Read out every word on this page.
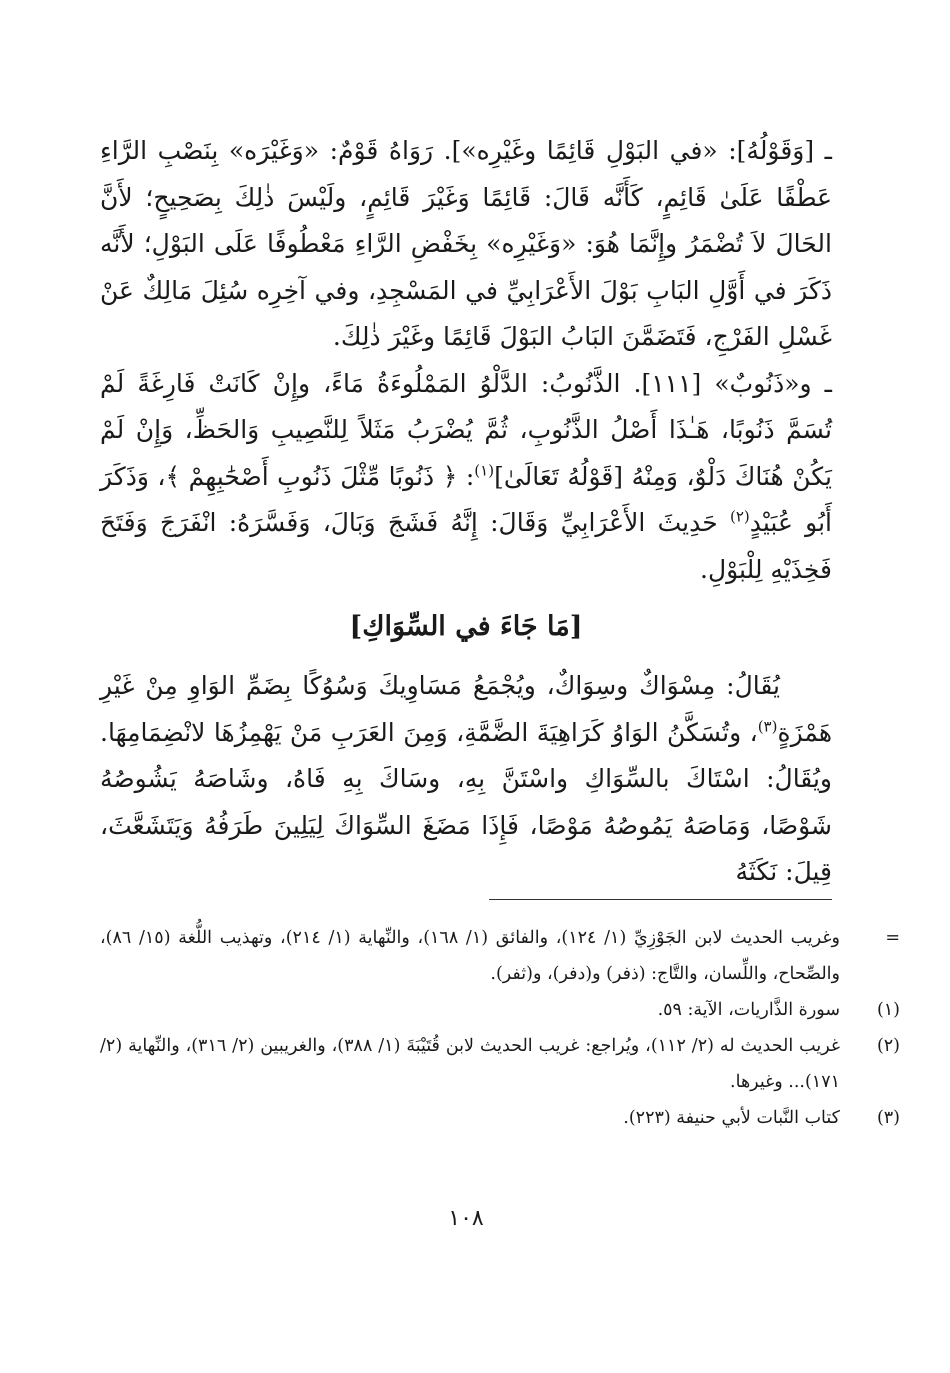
ـ [وَقَوْلُهُ]: «في البَوْلِ قَائِمًا وغَيْرِه»]. رَوَاهُ قَوْمٌ: «وَغَيْرَه» بِنَصْبِ الرَّاءِ عَطْفًا عَلَىٰ قَائِمٍ، كَأَنَّه قَالَ: قَائِمًا وَغَيْرَ قَائِمٍ، ولَيْسَ ذٰلِكَ بِصَحِيحٍ؛ لأَنَّ الحَالَ لاَ تُضْمَرُ وإِنَّمَا هُوَ: «وَغَيْرِه» بِخَفْضِ الرَّاءِ مَعْطُوفًا عَلَى البَوْلِ؛ لأَنَّه ذَكَرَ في أَوَّلِ البَابِ بَوْلَ الأَعْرَابِيِّ في المَسْجِدِ، وفي آخِرِه سُئِلَ مَالِكٌ عَنْ غَسْلِ الفَرْجِ، فَتَضَمَّنَ البَابُ البَوْلَ قَائِمًا وغَيْرَ ذٰلِكَ.

ـ و«ذَنُوبٌ» [١١١]. الذَّنُوبُ: الدَّلْوُ المَمْلُوءَةُ مَاءً، وإِنْ كَانَتْ فَارِغَةً لَمْ تُسَمَّ ذَنُوبًا، هَـٰذَا أَصْلُ الذَّنُوبِ، ثُمَّ يُضْرَبُ مَثَلاً لِلنَّصِيبِ وَالحَظِّ، وَإِنْ لَمْ يَكُنْ هُنَاكَ دَلْوٌ، وَمِنْهُ [قَوْلُهُ تَعَالَىٰ]$^{(١)}$: ﴿ ذَنُوبًا مِّثْلَ ذَنُوبِ أَصْحَٰبِهِمْ ﴾، وَذَكَرَ أَبُو عُبَيْدٍ$^{(٢)}$ حَدِيثَ الأَعْرَابِيِّ وَقَالَ: إِنَّهُ فَشَجَ وَبَالَ، وَفَسَّرَهُ: انْفَرَجَ وَفَتَحَ فَخِذَيْهِ لِلْبَوْلِ.

[مَا جَاءَ في السِّوَاكِ]

يُقَالُ: مِسْوَاكٌ وسِوَاكٌ، ويُجْمَعُ مَسَاوِيكَ وَسُوُكًا بِضَمِّ الوَاوِ مِنْ غَيْرِ هَمْزَةٍ$^{(٣)}$، وتُسَكَّنُ الوَاوُ كَرَاهِيَةَ الضَّمَّةِ، وَمِنَ العَرَبِ مَنْ يَهْمِزُهَا لانْضِمَامِهَا. ويُقَالُ: اسْتَاكَ بالسِّوَاكِ واسْتَنَّ بِهِ، وسَاكَ بِهِ فَاهُ، وشَاصَهُ يَشُوصُهُ شَوْصًا، وَمَاصَهُ يَمُوصُهُ مَوْصًا، فَإِذَا مَضَغَ السِّوَاكَ لِيَلِينَ طَرَفُهُ وَيَتَشَعَّثَ، قِيلَ: نَكَثَهُ

=
وغريب الحديث لابن الجَوْزِيِّ (١/ ١٢٤)، والفائق (١/ ١٦٨)، والنِّهاية (١/ ٢١٤)، وتهذيب اللُّغة (١٥/ ٨٦)، والصِّحاح، واللِّسان، والتَّاج: (ذفر) و(دفر)، و(ثفر).
(١)
سورة الذَّاريات، الآية: ٥٩.
(٢)
غريب الحديث له (٢/ ١١٢)، ويُراجع: غريب الحديث لابن قُتَيْبَةَ (١/ ٣٨٨)، والغريبين (٢/ ٣١٦)، والنِّهاية (٢/ ١٧١)... وغيرها.
(٣)
كتاب النَّبات لأبي حنيفة (٢٢٣).
١٠٨
